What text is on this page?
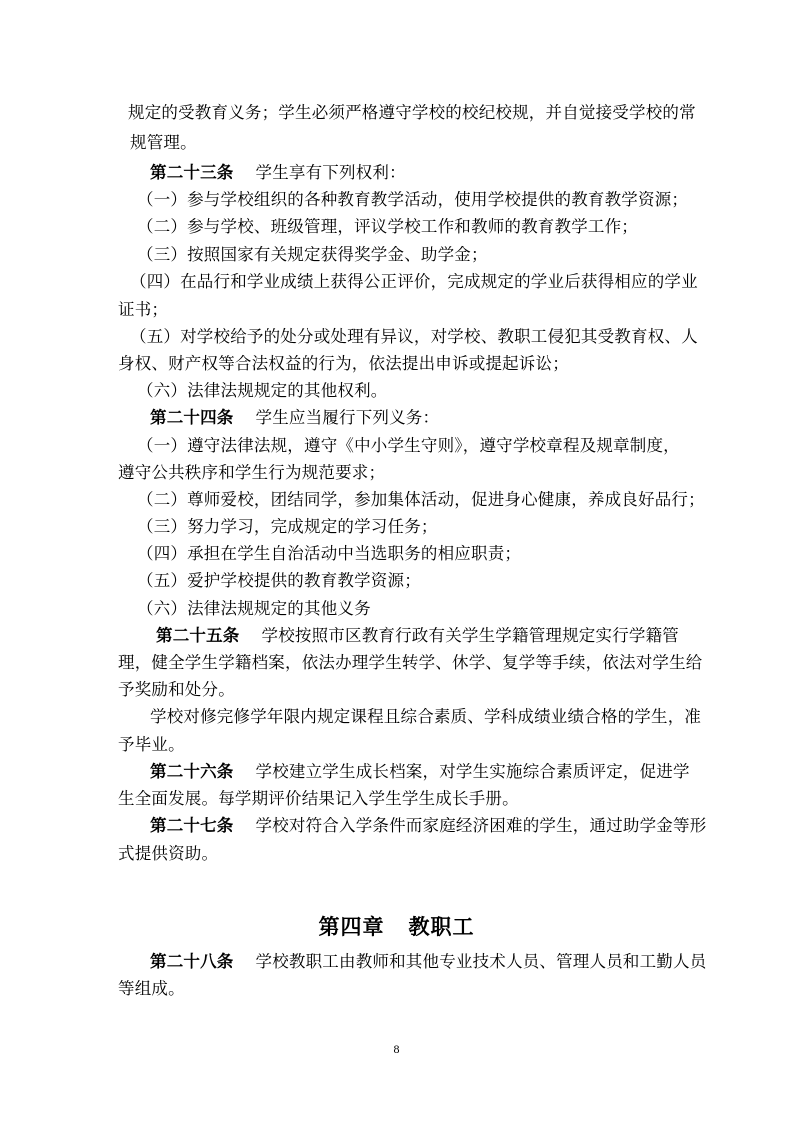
规定的受教育义务；学生必须严格遵守学校的校纪校规，并自觉接受学校的常
规管理。
第二十三条 学生享有下列权利：
（一）参与学校组织的各种教育教学活动，使用学校提供的教育教学资源；
（二）参与学校、班级管理，评议学校工作和教师的教育教学工作；
（三）按照国家有关规定获得奖学金、助学金；
（四）在品行和学业成绩上获得公正评价，完成规定的学业后获得相应的学业
证书；
（五）对学校给予的处分或处理有异议，对学校、教职工侵犯其受教育权、人
身权、财产权等合法权益的行为，依法提出申诉或提起诉讼；
（六）法律法规规定的其他权利。
第二十四条 学生应当履行下列义务：
（一）遵守法律法规，遵守《中小学生守则》，遵守学校章程及规章制度，
遵守公共秩序和学生行为规范要求；
（二）尊师爱校，团结同学，参加集体活动，促进身心健康，养成良好品行；
（三）努力学习，完成规定的学习任务；
（四）承担在学生自治活动中当选职务的相应职责；
（五）爱护学校提供的教育教学资源；
（六）法律法规规定的其他义务
第二十五条 学校按照市区教育行政有关学生学籍管理规定实行学籍管
理，健全学生学籍档案，依法办理学生转学、休学、复学等手续，依法对学生给
予奖励和处分。
学校对修完修学年限内规定课程且综合素质、学科成绩业绩合格的学生，准
予毕业。
第二十六条 学校建立学生成长档案，对学生实施综合素质评定，促进学
生全面发展。每学期评价结果记入学生学生成长手册。
第二十七条 学校对符合入学条件而家庭经济困难的学生，通过助学金等形
式提供资助。
第四章 教职工
第二十八条 学校教职工由教师和其他专业技术人员、管理人员和工勤人员
等组成。
8
